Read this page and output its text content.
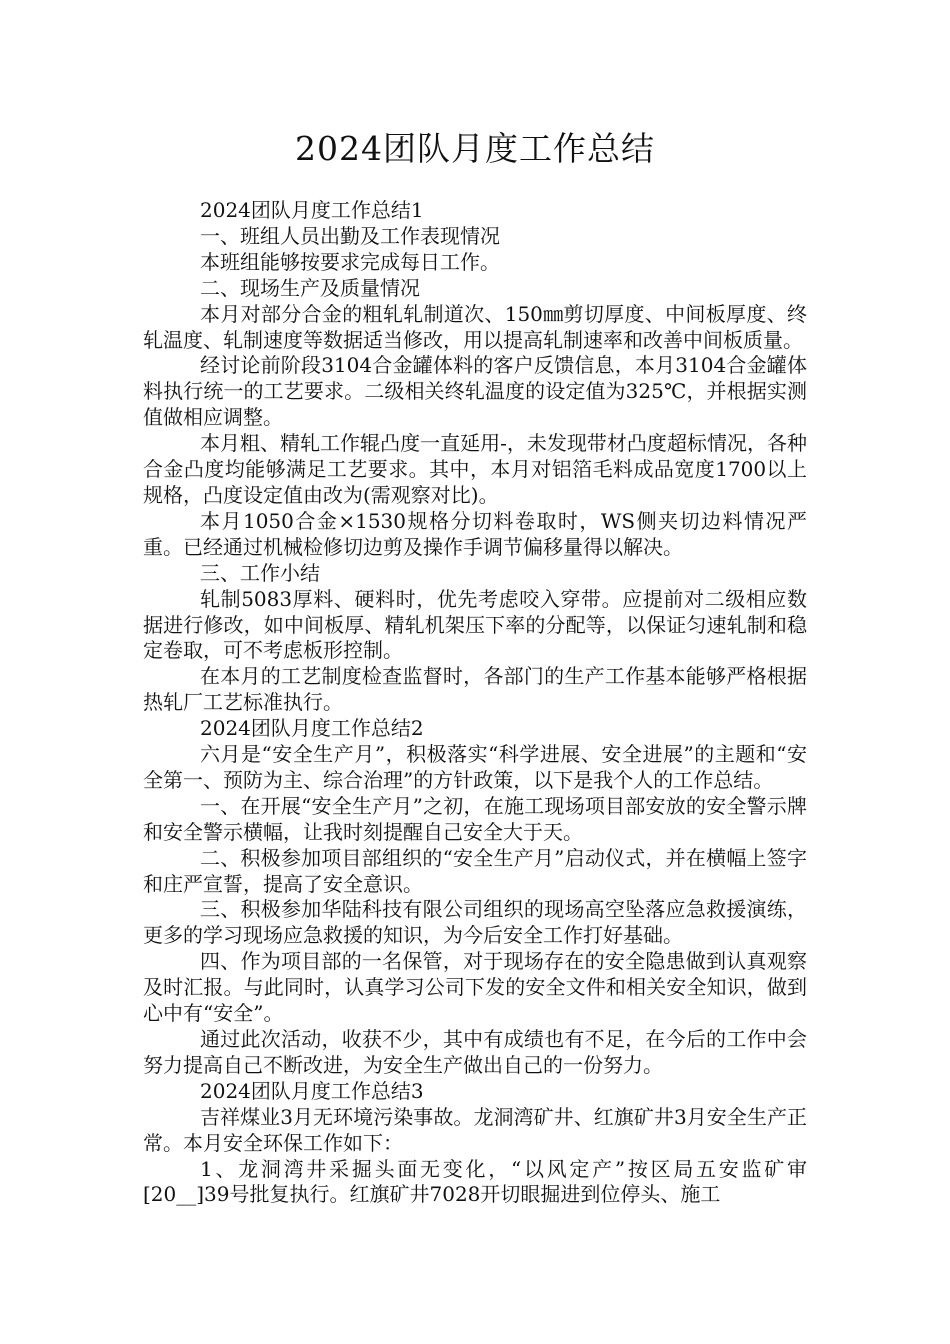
2024团队月度工作总结

2024团队月度工作总结1

一、班组人员出勤及工作表现情况

本班组能够按要求完成每日工作。

二、现场生产及质量情况

本月对部分合金的粗轧轧制道次、150㎜剪切厚度、中间板厚度、终轧温度、轧制速度等数据适当修改，用以提高轧制速率和改善中间板质量。

经讨论前阶段3104合金罐体料的客户反馈信息，本月3104合金罐体料执行统一的工艺要求。二级相关终轧温度的设定值为325℃，并根据实测值做相应调整。

本月粗、精轧工作辊凸度一直延用-，未发现带材凸度超标情况，各种合金凸度均能够满足工艺要求。其中，本月对铝箔毛料成品宽度1700以上规格，凸度设定值由改为(需观察对比)。

本月1050合金×1530规格分切料卷取时，WS侧夹切边料情况严重。已经通过机械检修切边剪及操作手调节偏移量得以解决。

三、工作小结

轧制5083厚料、硬料时，优先考虑咬入穿带。应提前对二级相应数据进行修改，如中间板厚、精轧机架压下率的分配等，以保证匀速轧制和稳定卷取，可不考虑板形控制。

在本月的工艺制度检查监督时，各部门的生产工作基本能够严格根据热轧厂工艺标准执行。

2024团队月度工作总结2

六月是“安全生产月”，积极落实“科学进展、安全进展”的主题和“安全第一、预防为主、综合治理”的方针政策，以下是我个人的工作总结。

一、在开展“安全生产月”之初，在施工现场项目部安放的安全警示牌和安全警示横幅，让我时刻提醒自己安全大于天。

二、积极参加项目部组织的“安全生产月”启动仪式，并在横幅上签字和庄严宣誓，提高了安全意识。

三、积极参加华陆科技有限公司组织的现场高空坠落应急救援演练，更多的学习现场应急救援的知识，为今后安全工作打好基础。

四、作为项目部的一名保管，对于现场存在的安全隐患做到认真观察及时汇报。与此同时，认真学习公司下发的安全文件和相关安全知识，做到心中有“安全”。

通过此次活动，收获不少，其中有成绩也有不足，在今后的工作中会努力提高自己不断改进，为安全生产做出自己的一份努力。

2024团队月度工作总结3

吉祥煤业3月无环境污染事故。龙洞湾矿井、红旗矿井3月安全生产正常。本月安全环保工作如下：

1、龙洞湾井采掘头面无变化，“以风定产”按区局五安监矿审[20__]39号批复执行。红旗矿井7028开切眼掘进到位停头、施工
